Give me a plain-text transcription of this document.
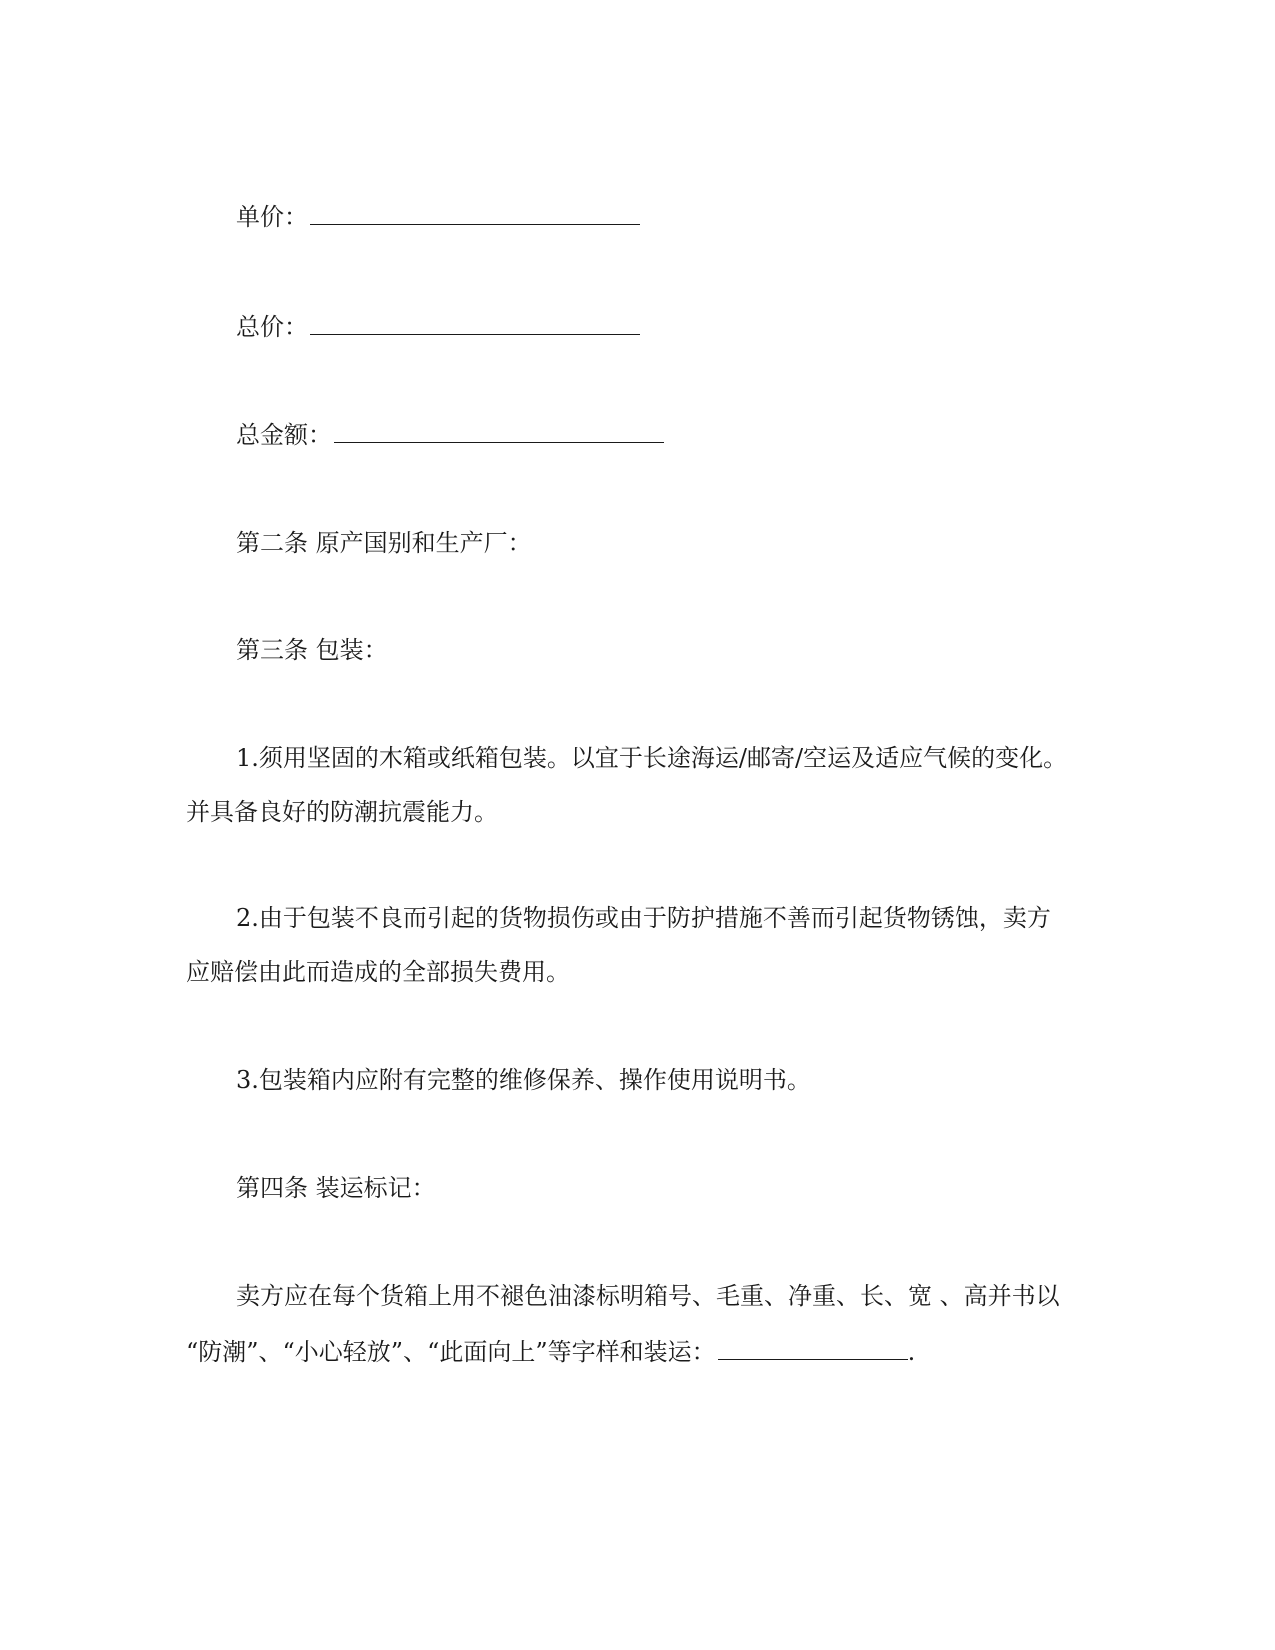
单价：
总价：
总金额：
第二条 原产国别和生产厂：
第三条 包装：
1.须用坚固的木箱或纸箱包装。以宜于长途海运/邮寄/空运及适应气候的变化。
并具备良好的防潮抗震能力。
2.由于包装不良而引起的货物损伤或由于防护措施不善而引起货物锈蚀，卖方
应赔偿由此而造成的全部损失费用。
3.包装箱内应附有完整的维修保养、操作使用说明书。
第四条 装运标记：
卖方应在每个货箱上用不褪色油漆标明箱号、毛重、净重、长、宽 、高并书以
“防潮”、“小心轻放”、“此面向上”等字样和装运：	.
